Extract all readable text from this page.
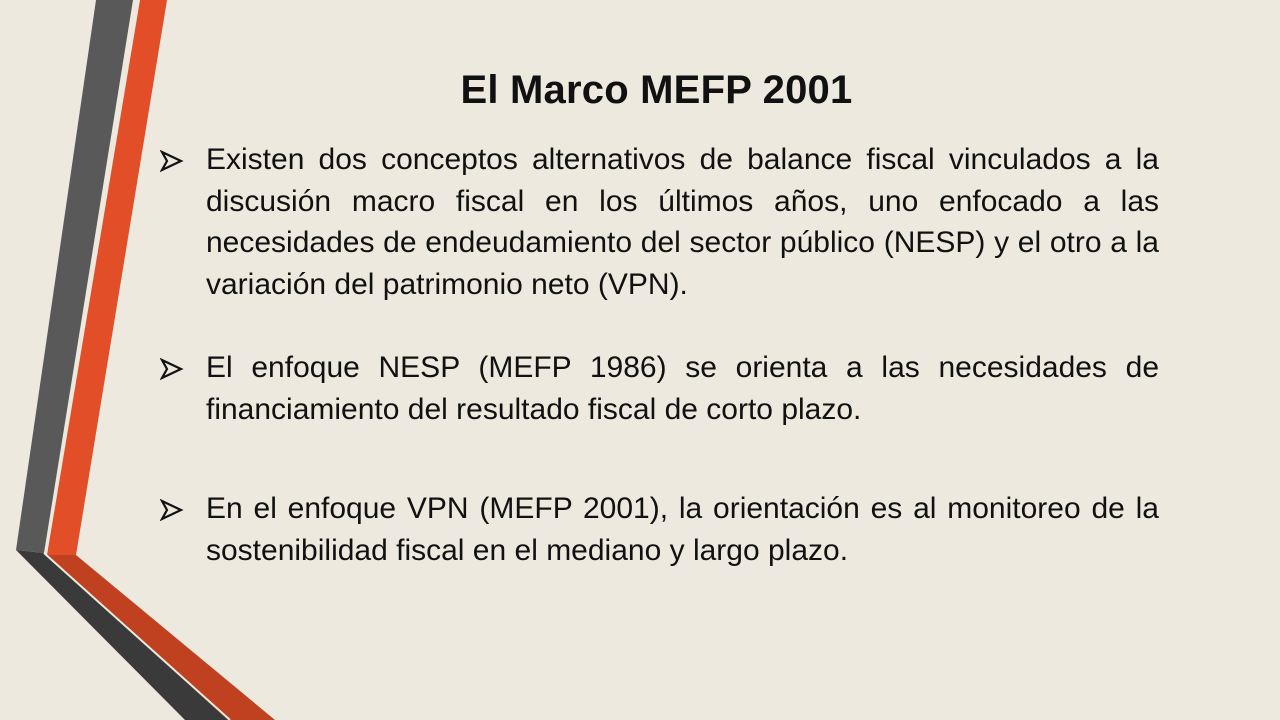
El Marco MEFP 2001
Existen dos conceptos alternativos de balance fiscal vinculados a la discusión macro fiscal en los últimos años, uno enfocado a las necesidades de endeudamiento del sector público (NESP) y el otro a la variación del patrimonio neto (VPN).
El enfoque NESP (MEFP 1986) se orienta a las necesidades de financiamiento del resultado fiscal de corto plazo.
En el enfoque VPN (MEFP 2001), la orientación es al monitoreo de la sostenibilidad fiscal en el mediano y largo plazo.
